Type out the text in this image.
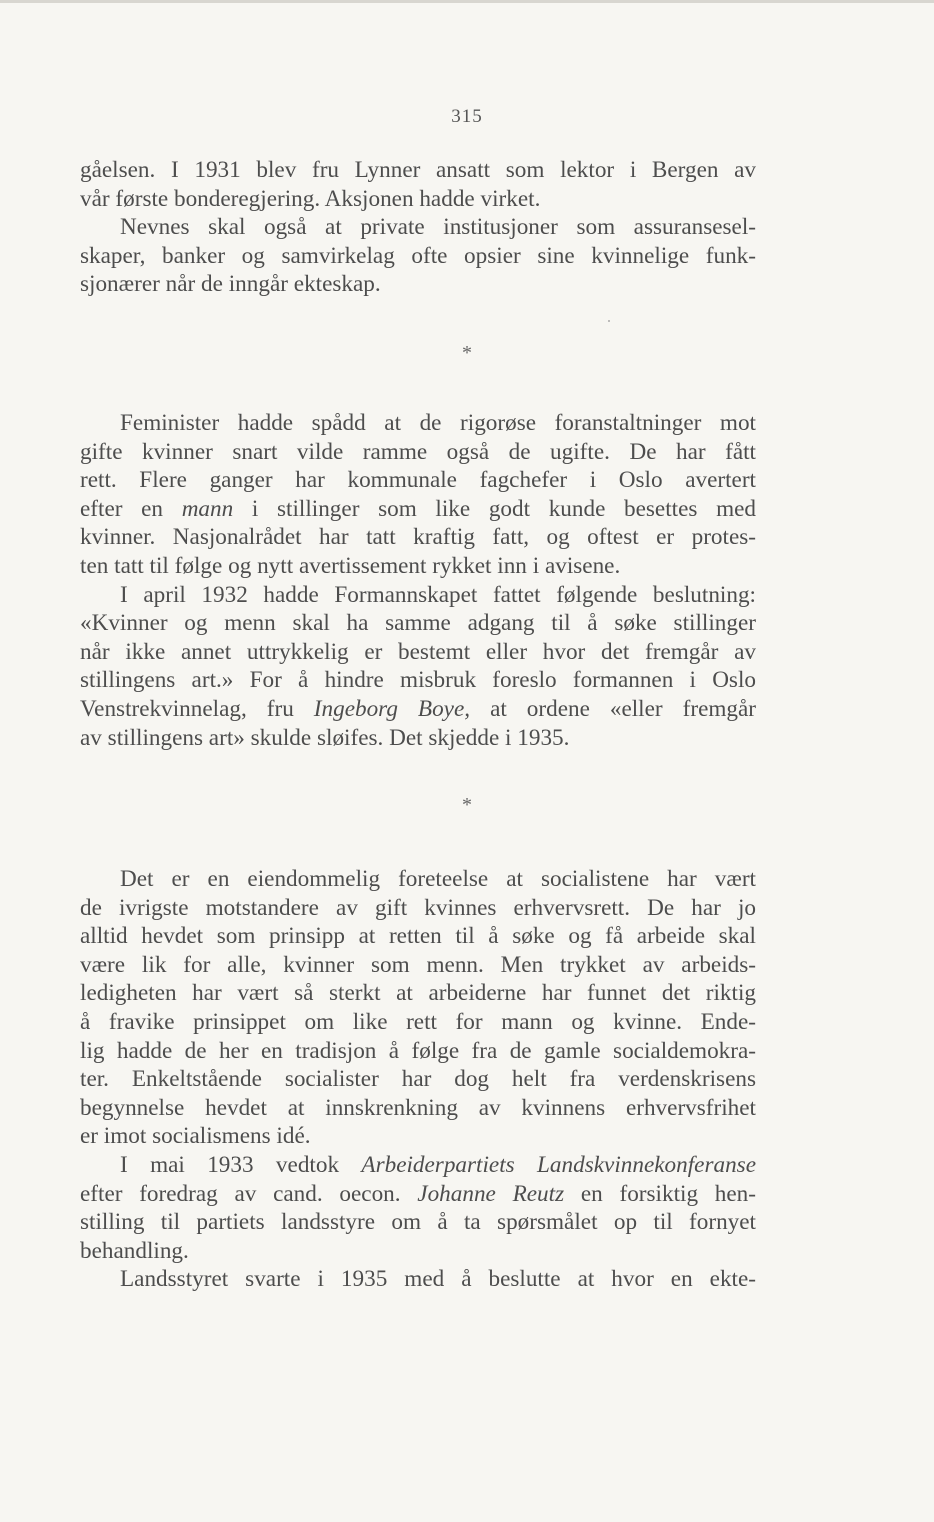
315
gåelsen. I 1931 blev fru Lynner ansatt som lektor i Bergen av
vår første bonderegjering. Aksjonen hadde virket.
Nevnes skal også at private institusjoner som assuransesel-
skaper, banker og samvirkelag ofte opsier sine kvinnelige funk-
sjonærer når de inngår ekteskap.
*
Feminister hadde spådd at de rigorøse foranstaltninger mot
gifte kvinner snart vilde ramme også de ugifte. De har fått
rett. Flere ganger har kommunale fagchefer i Oslo avertert
efter en mann i stillinger som like godt kunde besettes med
kvinner. Nasjonalrådet har tatt kraftig fatt, og oftest er protes-
ten tatt til følge og nytt avertissement rykket inn i avisene.
I april 1932 hadde Formannskapet fattet følgende beslutning:
«Kvinner og menn skal ha samme adgang til å søke stillinger
når ikke annet uttrykkelig er bestemt eller hvor det fremgår av
stillingens art.» For å hindre misbruk foreslo formannen i Oslo
Venstrekvinnelag, fru Ingeborg Boye, at ordene «eller fremgår
av stillingens art» skulde sløifes. Det skjedde i 1935.
*
Det er en eiendommelig foreteelse at socialistene har vært
de ivrigste motstandere av gift kvinnes erhvervsrett. De har jo
alltid hevdet som prinsipp at retten til å søke og få arbeide skal
være lik for alle, kvinner som menn. Men trykket av arbeids-
ledigheten har vært så sterkt at arbeiderne har funnet det riktig
å fravike prinsippet om like rett for mann og kvinne. Ende-
lig hadde de her en tradisjon å følge fra de gamle socialdemokra-
ter. Enkeltstående socialister har dog helt fra verdenskrisens
begynnelse hevdet at innskrenkning av kvinnens erhvervsfrihet
er imot socialismens idé.
I mai 1933 vedtok Arbeiderpartiets Landskvinnekonferanse
efter foredrag av cand. oecon. Johanne Reutz en forsiktig hen-
stilling til partiets landsstyre om å ta spørsmålet op til fornyet
behandling.
Landsstyret svarte i 1935 med å beslutte at hvor en ekte-
